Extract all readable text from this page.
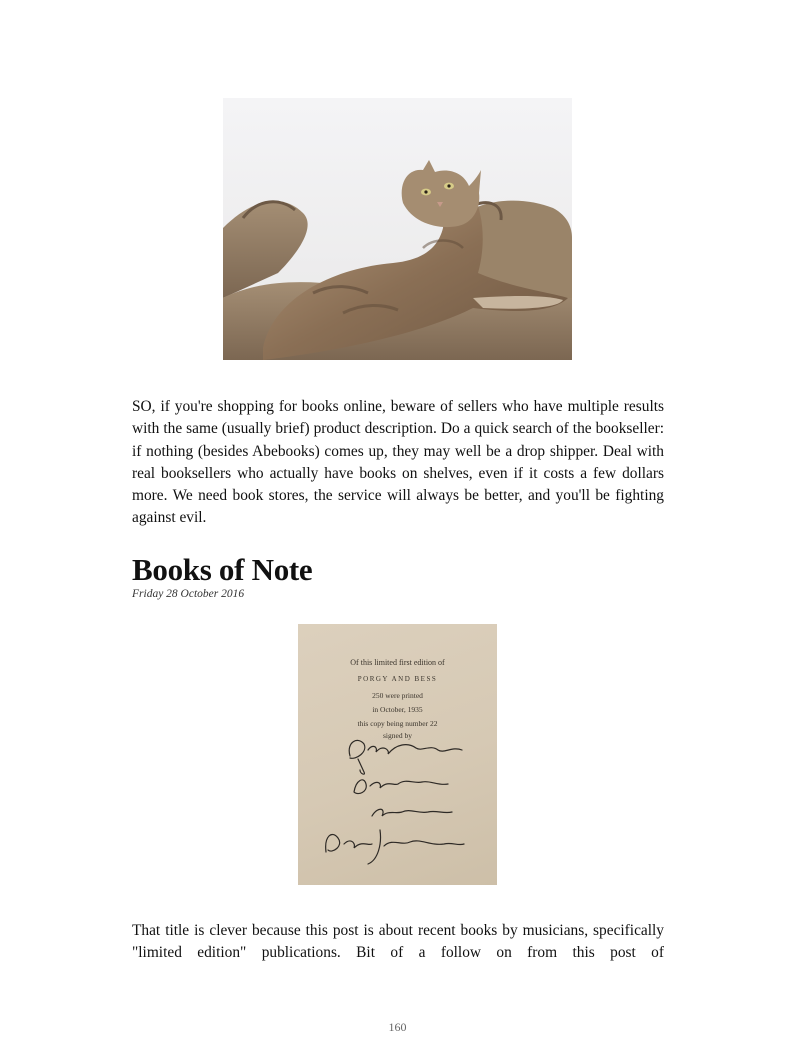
SO, if you're shopping for books online, beware of sellers who have multiple results with the same (usually brief) product description. Do a quick search of the bookseller: if nothing (besides Abebooks) comes up, they may well be a drop shipper. Deal with real booksellers who actually have books on shelves, even if it costs a few dollars more. We need book stores, the service will always be better, and you'll be fighting against evil.

Books of Note
Friday 28 October 2016
Of this limited first edition of
PORGY AND BESS
250 were printed
in October, 1935
this copy being number 22
signed by

That title is clever because this post is about recent books by musicians, specifically "limited edition" publications. Bit of a follow on from this post of

160
